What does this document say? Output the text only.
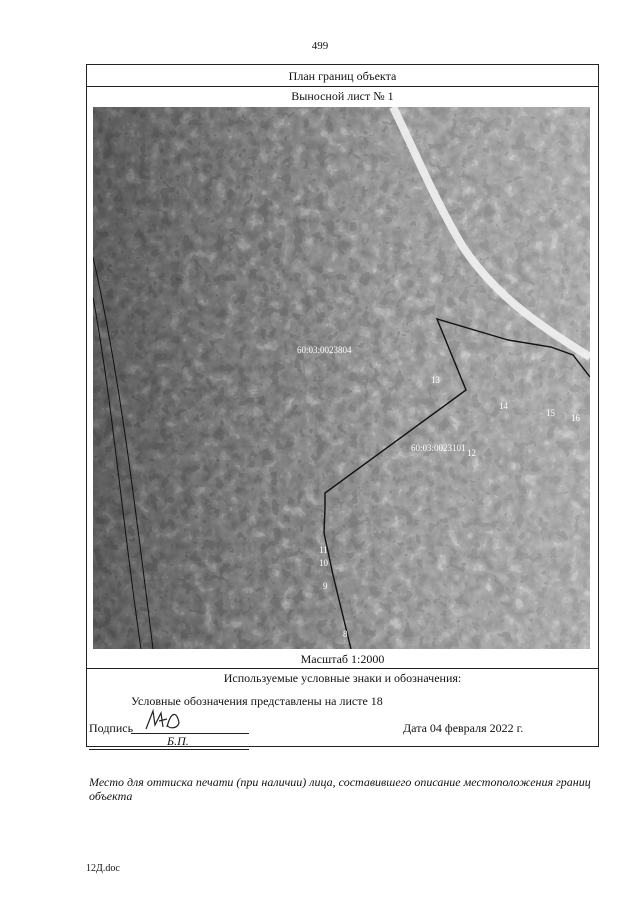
499
План границ объекта
Выносной лист № 1
60:03:0023804
60:03:0023101
8
9
10
11
12
13
14
15 16
Масштаб 1:2000
Используемые условные знаки и обозначения:
Условные обозначения представлены на листе 18
Подпись	Дата 04 февраля 2022 г.
Б.П.
Место для оттиска печати (при наличии) лица, составившего описание местоположения границ объекта
12Д.doc
